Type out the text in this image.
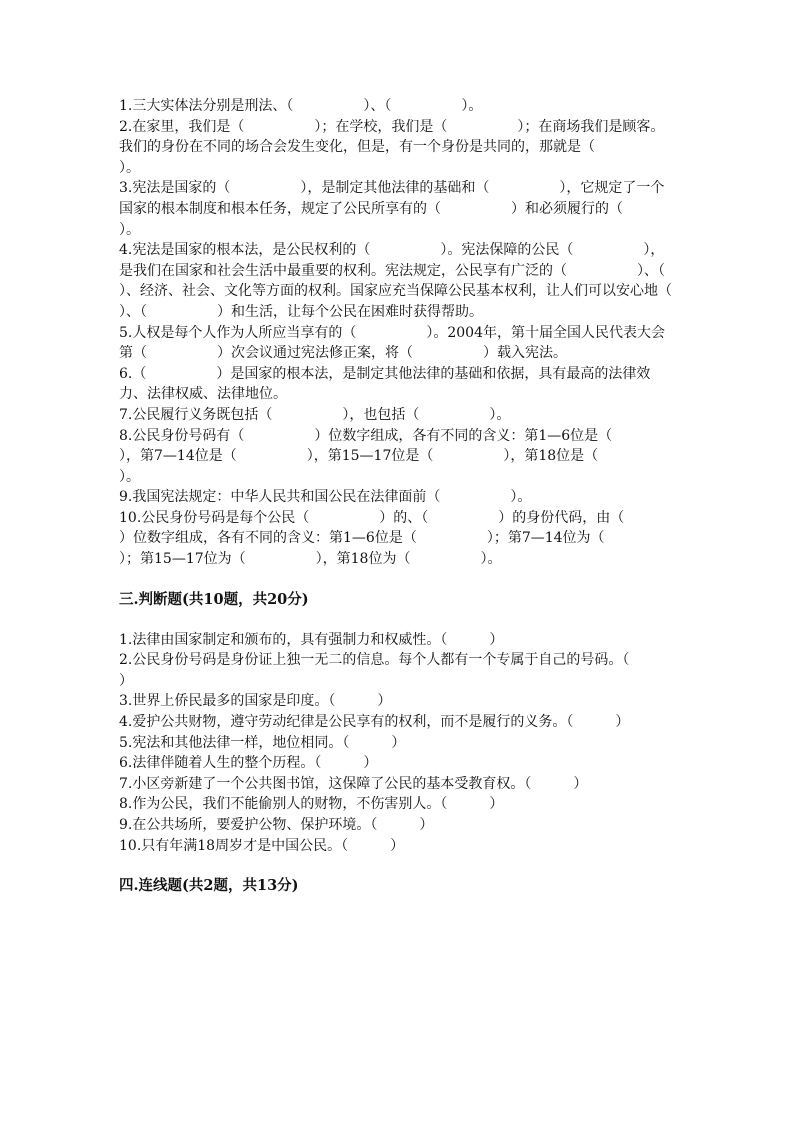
1.三大实体法分别是刑法、（　　　　　）、（　　　　　）。

2.在家里，我们是（　　　　　）；在学校，我们是（　　　　　）；在商场我们是顾客。我们的身份在不同的场合会发生变化，但是，有一个身份是共同的，那就是（　　　　　）。

3.宪法是国家的（　　　　　），是制定其他法律的基础和（　　　　　），它规定了一个国家的根本制度和根本任务，规定了公民所享有的（　　　　　）和必须履行的（　　　　　）。

4.宪法是国家的根本法，是公民权利的（　　　　　）。宪法保障的公民（　　　　　），是我们在国家和社会生活中最重要的权利。宪法规定，公民享有广泛的（　　　　　）、（　　　　　）、经济、社会、文化等方面的权利。国家应充当保障公民基本权利，让人们可以安心地（　　　　　）、（　　　　　）和生活，让每个公民在困难时获得帮助。

5.人权是每个人作为人所应当享有的（　　　　　）。2004年，第十届全国人民代表大会第（　　　　　）次会议通过宪法修正案，将（　　　　　）载入宪法。

6.（　　　　　）是国家的根本法，是制定其他法律的基础和依据，具有最高的法律效力、法律权威、法律地位。

7.公民履行义务既包括（　　　　　），也包括（　　　　　）。

8.公民身份号码有（　　　　　）位数字组成，各有不同的含义：第1—6位是（　　　　　），第7—14位是（　　　　　），第15—17位是（　　　　　），第18位是（　　　　　）。

9.我国宪法规定：中华人民共和国公民在法律面前（　　　　　）。

10.公民身份号码是每个公民（　　　　　）的、（　　　　　）的身份代码，由（　　　　　）位数字组成，各有不同的含义：第1—6位是（　　　　　）；第7—14位为（　　　　　）；第15—17位为（　　　　　），第18位为（　　　　　）。

三.判断题(共10题，共20分)

1.法律由国家制定和颁布的，具有强制力和权威性。（　　　）

2.公民身份号码是身份证上独一无二的信息。每个人都有一个专属于自己的号码。（　　　）

3.世界上侨民最多的国家是印度。（　　　）

4.爱护公共财物，遵守劳动纪律是公民享有的权利，而不是履行的义务。（　　　）

5.宪法和其他法律一样，地位相同。（　　　）

6.法律伴随着人生的整个历程。（　　　）

7.小区旁新建了一个公共图书馆，这保障了公民的基本受教育权。（　　　）

8.作为公民，我们不能偷别人的财物，不伤害别人。（　　　）

9.在公共场所，要爱护公物、保护环境。（　　　）

10.只有年满18周岁才是中国公民。（　　　）

四.连线题(共2题，共13分)
